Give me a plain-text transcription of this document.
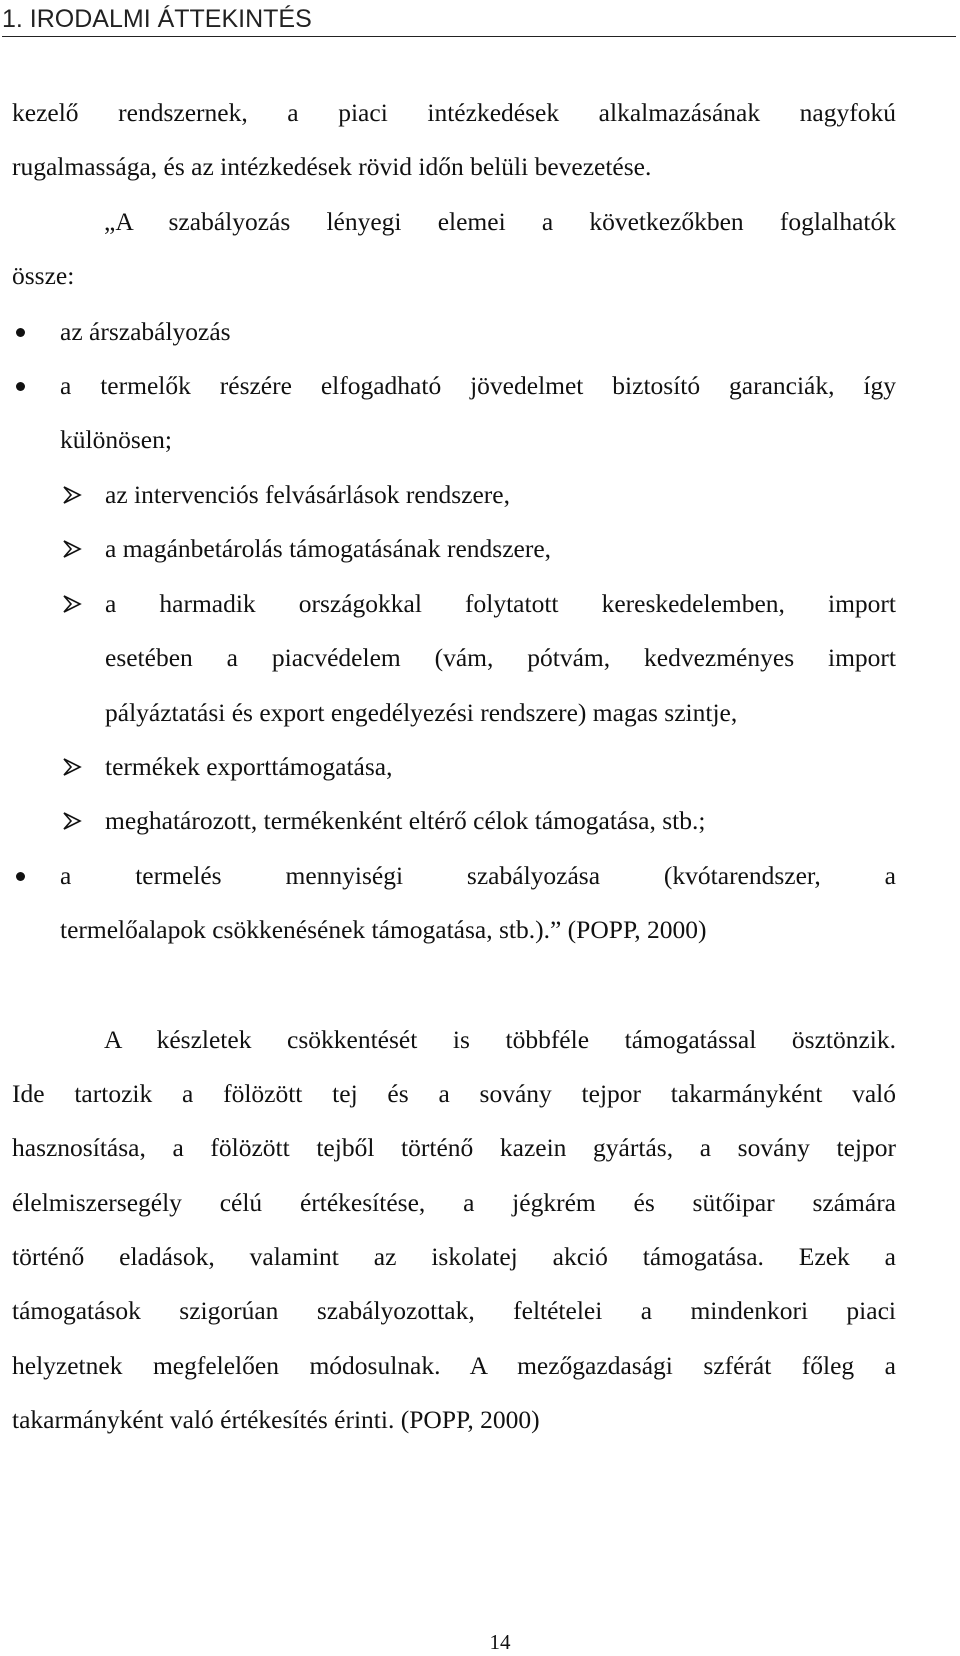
1. IRODALMI ÁTTEKINTÉS
kezelő rendszernek, a piaci intézkedések alkalmazásának nagyfokú
rugalmassága, és az intézkedések rövid időn belüli bevezetése.
„A szabályozás lényegi elemei a következőkben foglalhatók
össze:
az árszabályozás
a termelők részére elfogadható jövedelmet biztosító garanciák, így
különösen;
az intervenciós felvásárlások rendszere,
a magánbetárolás támogatásának rendszere,
a harmadik országokkal folytatott kereskedelemben, import
esetében a piacvédelem (vám, pótvám, kedvezményes import
pályáztatási és export engedélyezési rendszere) magas szintje,
termékek exporttámogatása,
meghatározott, termékenként eltérő célok támogatása, stb.;
a termelés mennyiségi szabályozása (kvótarendszer, a
termelőalapok csökkenésének támogatása, stb.).” (POPP, 2000)
A készletek csökkentését is többféle támogatással ösztönzik.
Ide tartozik a fölözött tej és a sovány tejpor takarmányként való
hasznosítása, a fölözött tejből történő kazein gyártás, a sovány tejpor
élelmiszersegély célú értékesítése, a jégkrém és sütőipar számára
történő eladások, valamint az iskolatej akció támogatása. Ezek a
támogatások szigorúan szabályozottak, feltételei a mindenkori piaci
helyzetnek megfelelően módosulnak. A mezőgazdasági szférát főleg a
takarmányként való értékesítés érinti. (POPP, 2000)
14
